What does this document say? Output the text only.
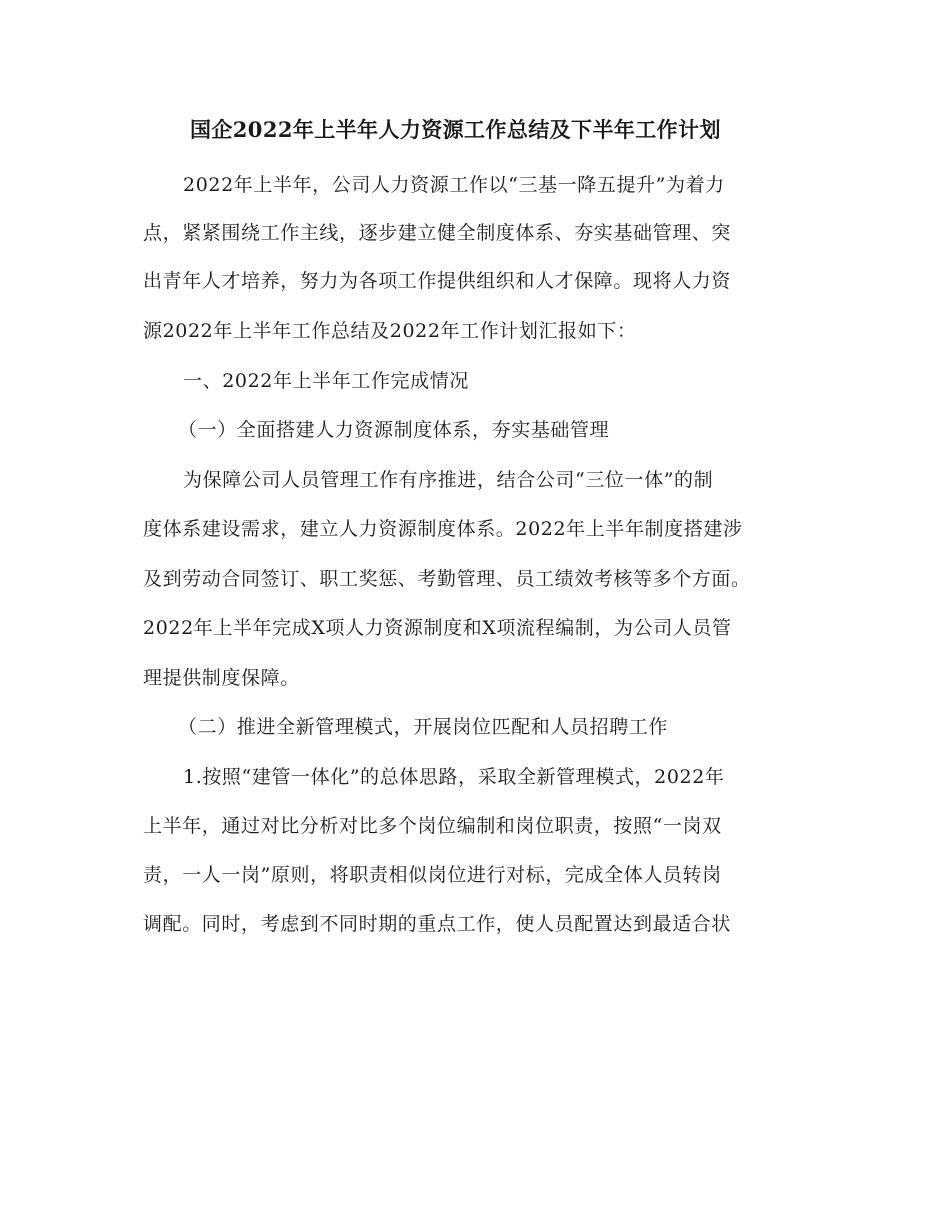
国企2022年上半年人力资源工作总结及下半年工作计划
2022年上半年，公司人力资源工作以“三基一降五提升”为着力
点，紧紧围绕工作主线，逐步建立健全制度体系、夯实基础管理、突
出青年人才培养，努力为各项工作提供组织和人才保障。现将人力资
源2022年上半年工作总结及2022年工作计划汇报如下：
一、2022年上半年工作完成情况
（一）全面搭建人力资源制度体系，夯实基础管理
为保障公司人员管理工作有序推进，结合公司“三位一体”的制
度体系建设需求，建立人力资源制度体系。2022年上半年制度搭建涉
及到劳动合同签订、职工奖惩、考勤管理、员工绩效考核等多个方面。
2022年上半年完成X项人力资源制度和X项流程编制，为公司人员管
理提供制度保障。
（二）推进全新管理模式，开展岗位匹配和人员招聘工作
1.按照“建管一体化”的总体思路，采取全新管理模式，2022年
上半年，通过对比分析对比多个岗位编制和岗位职责，按照“一岗双
责，一人一岗”原则，将职责相似岗位进行对标，完成全体人员转岗
调配。同时，考虑到不同时期的重点工作，使人员配置达到最适合状
